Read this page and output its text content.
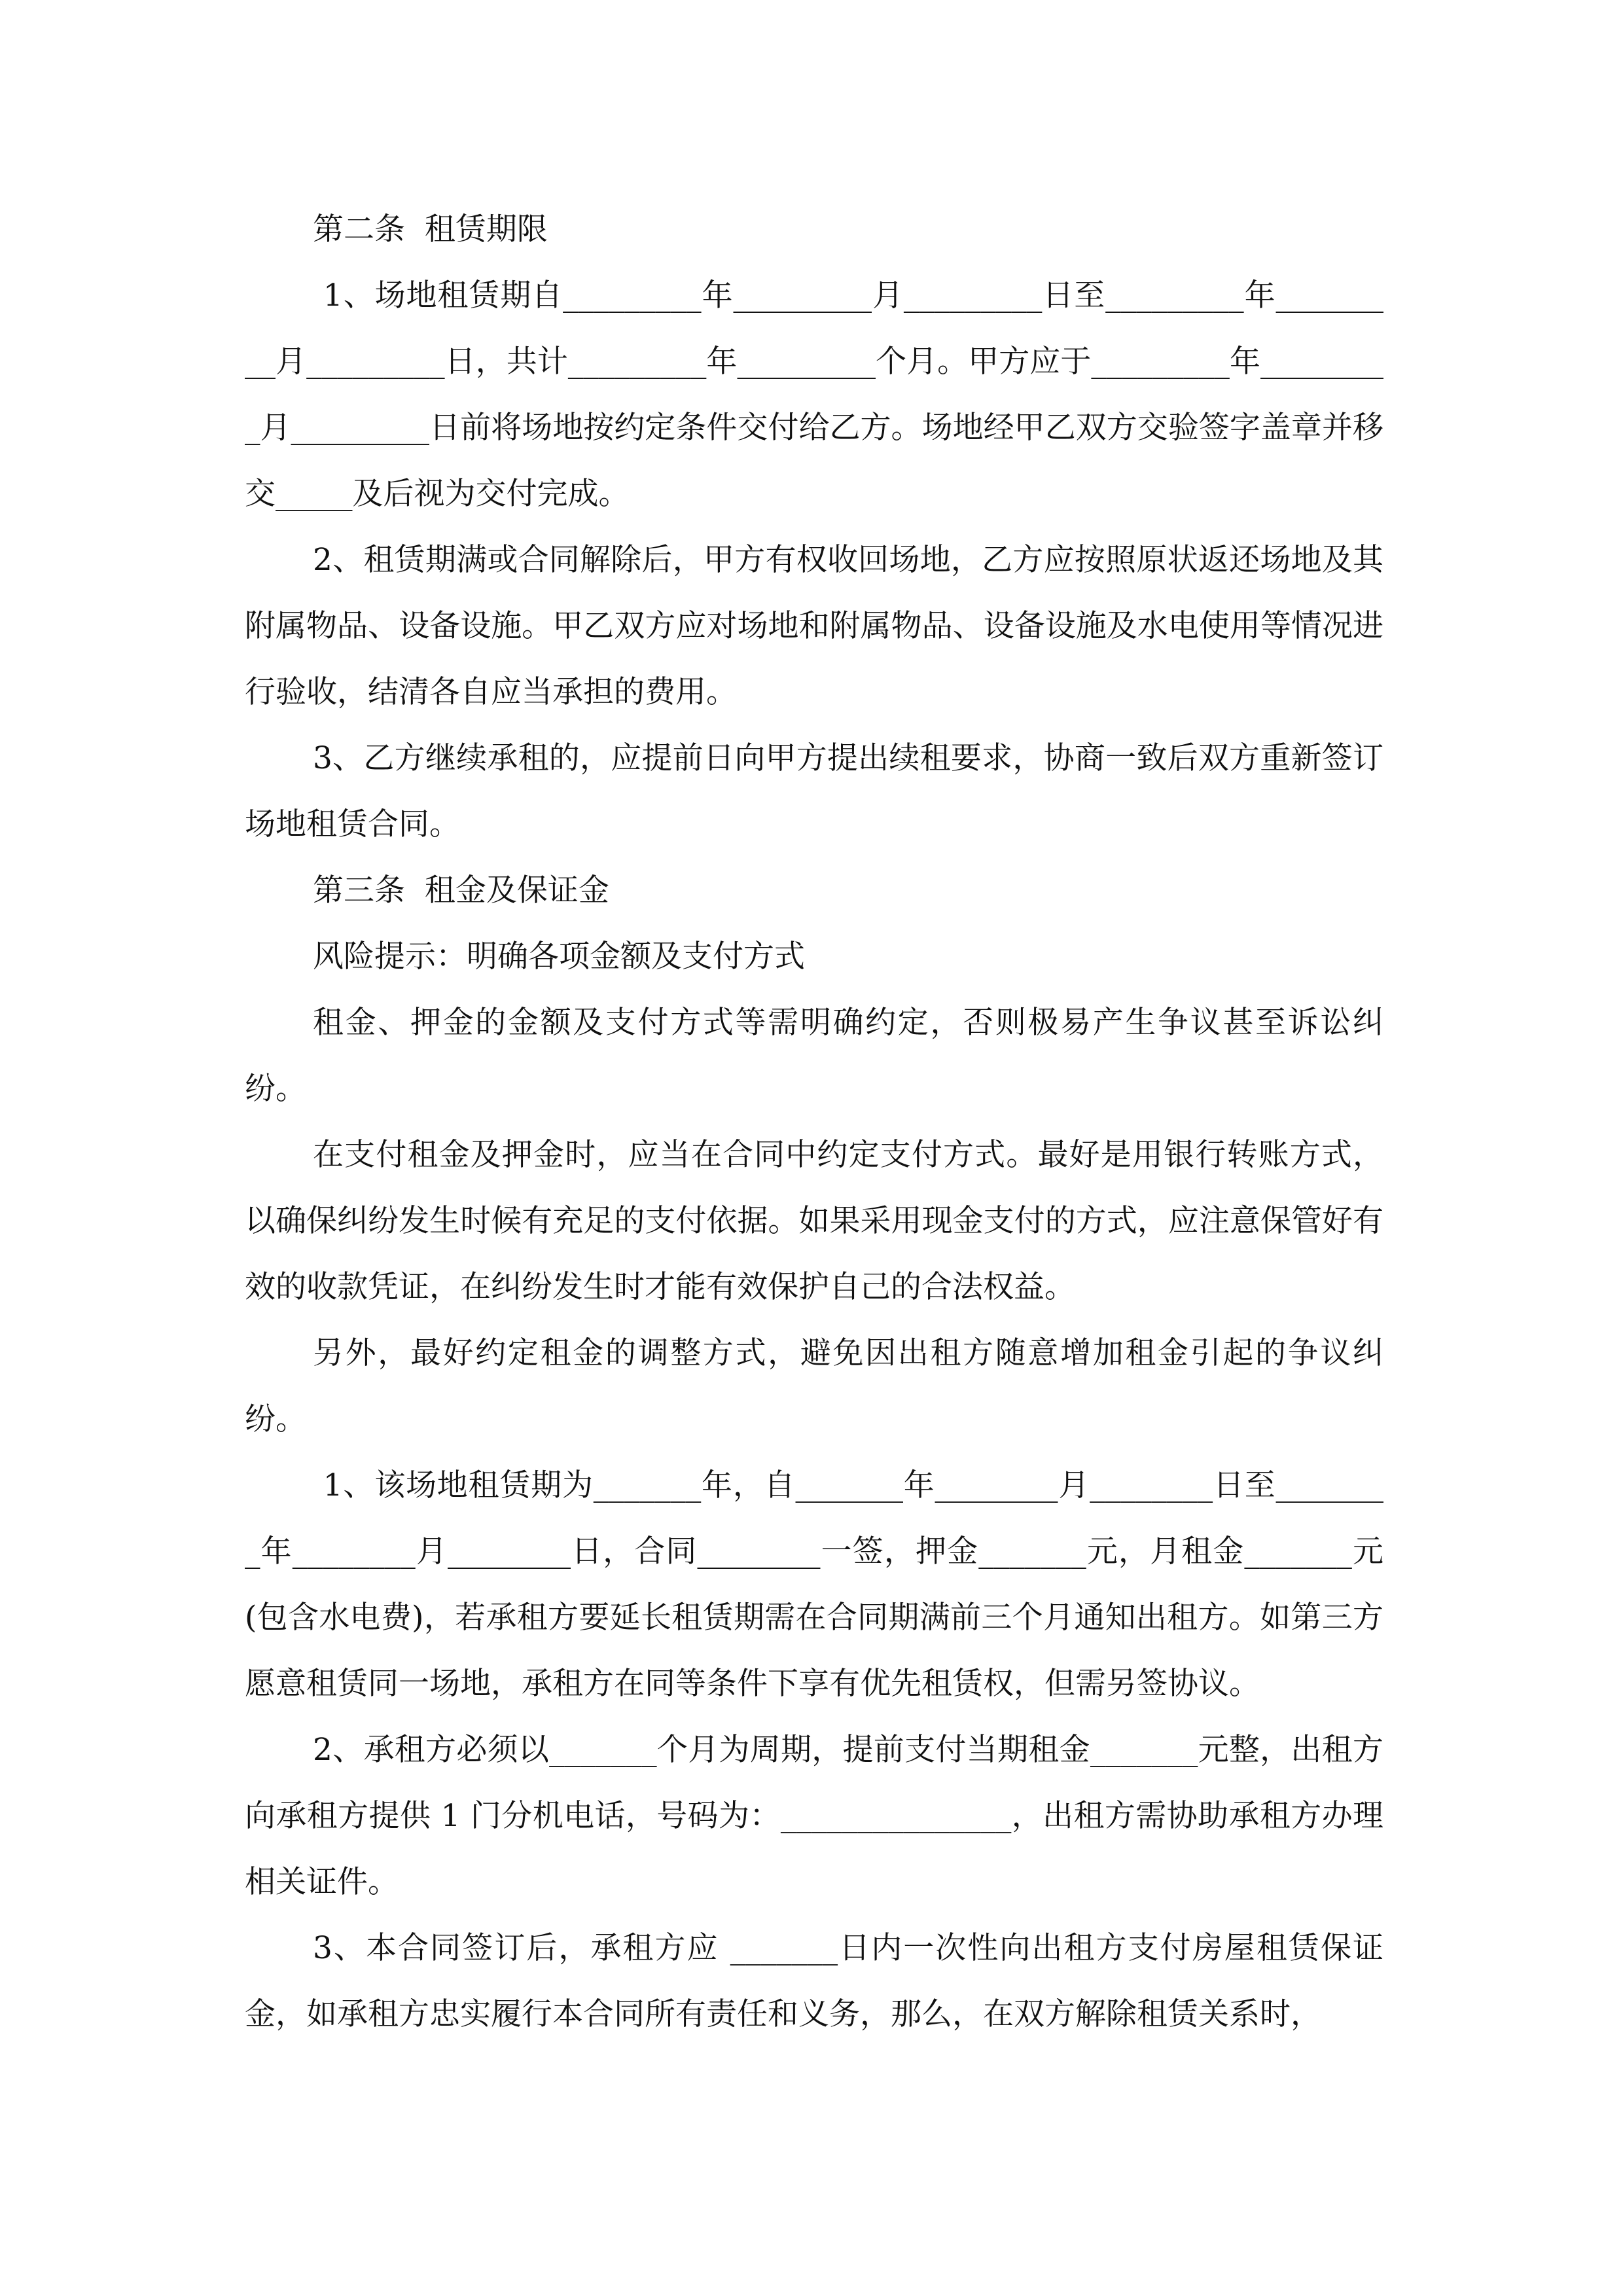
第二条  租赁期限

1、场地租赁期自_________年_________月_________日至_________年_________月_________日，共计_________年_________个月。甲方应于_________年_________月_________日前将场地按约定条件交付给乙方。场地经甲乙双方交验签字盖章并移交_____及后视为交付完成。

2、租赁期满或合同解除后，甲方有权收回场地，乙方应按照原状返还场地及其附属物品、设备设施。甲乙双方应对场地和附属物品、设备设施及水电使用等情况进行验收，结清各自应当承担的费用。

3、乙方继续承租的，应提前日向甲方提出续租要求，协商一致后双方重新签订场地租赁合同。

第三条  租金及保证金

风险提示：明确各项金额及支付方式

租金、押金的金额及支付方式等需明确约定，否则极易产生争议甚至诉讼纠纷。

在支付租金及押金时，应当在合同中约定支付方式。最好是用银行转账方式，以确保纠纷发生时候有充足的支付依据。如果采用现金支付的方式，应注意保管好有效的收款凭证，在纠纷发生时才能有效保护自己的合法权益。

另外，最好约定租金的调整方式，避免因出租方随意增加租金引起的争议纠纷。

1、该场地租赁期为_______年，自_______年________月________日至________年________月________日，合同________一签，押金_______元，月租金_______元(包含水电费)，若承租方要延长租赁期需在合同期满前三个月通知出租方。如第三方愿意租赁同一场地，承租方在同等条件下享有优先租赁权，但需另签协议。

2、承租方必须以_______个月为周期，提前支付当期租金_______元整，出租方向承租方提供 1 门分机电话，号码为：_______________，出租方需协助承租方办理相关证件。

3、本合同签订后，承租方应 _______日内一次性向出租方支付房屋租赁保证金，如承租方忠实履行本合同所有责任和义务，那么，在双方解除租赁关系时，
